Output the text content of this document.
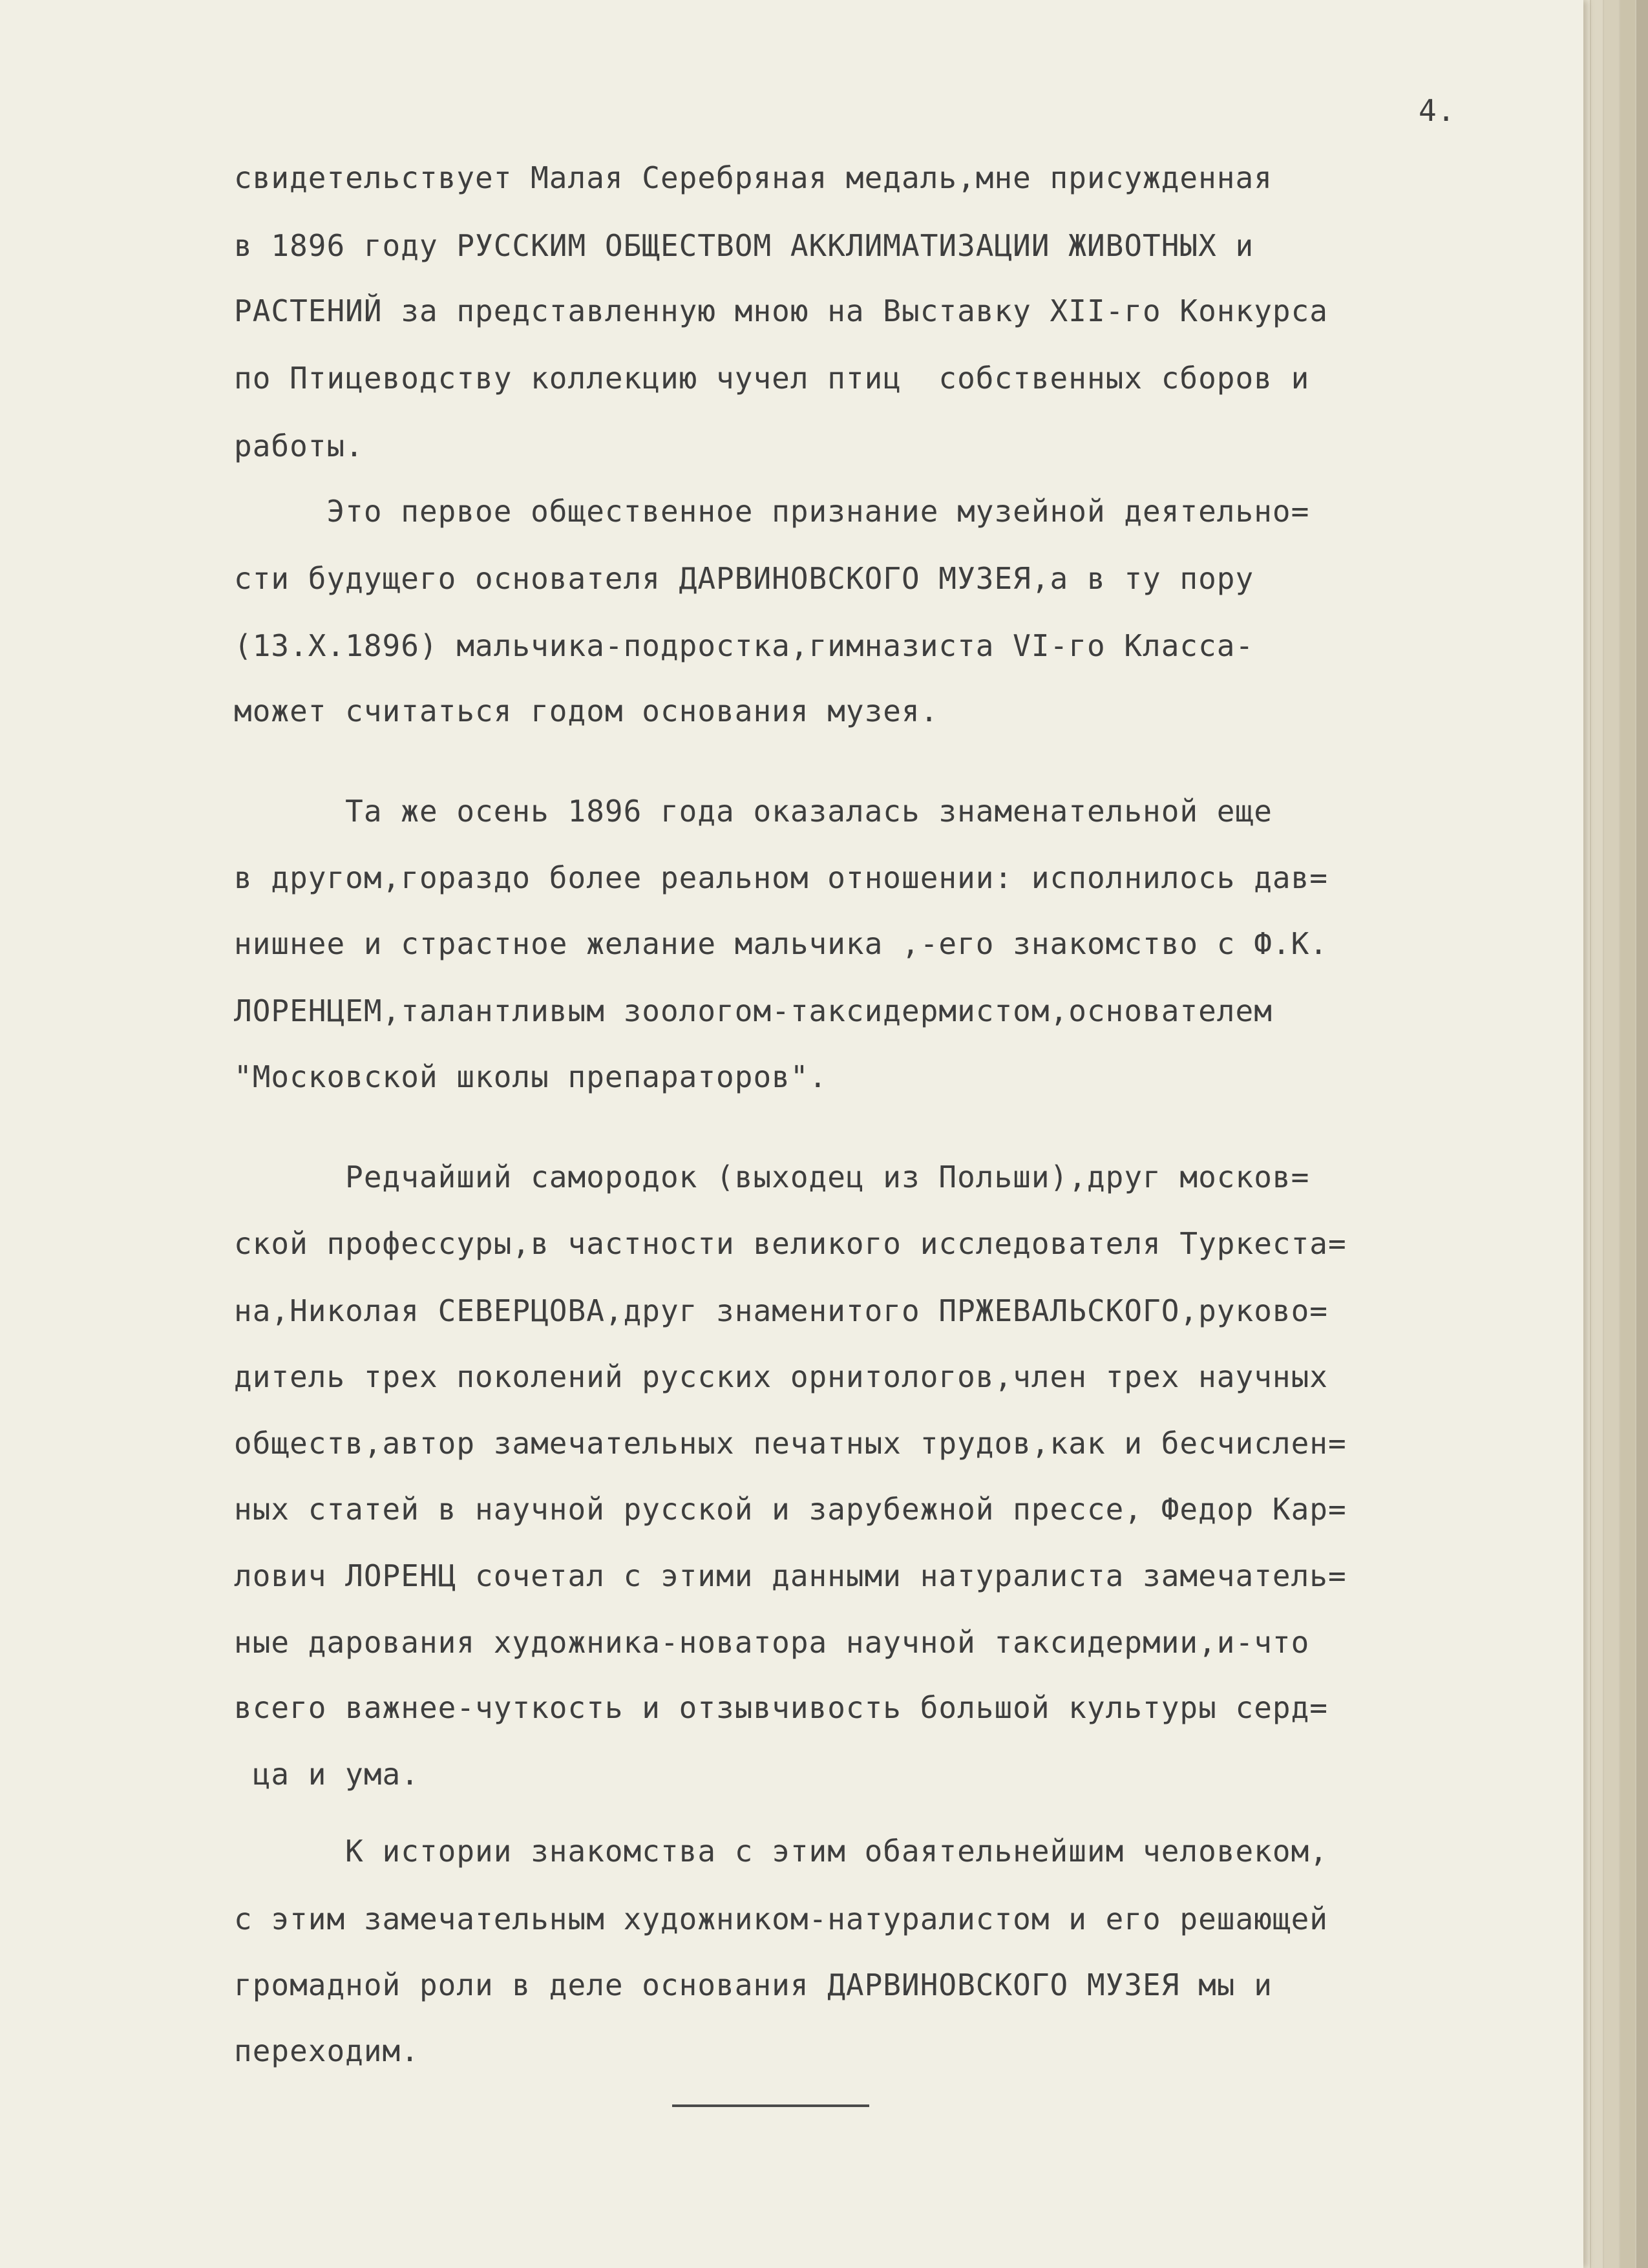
4.
свидетельствует Малая Серебряная медаль,мне присужденная
в 1896 году РУССКИМ ОБЩЕСТВОМ АККЛИМАТИЗАЦИИ ЖИВОТНЫХ и
РАСТЕНИЙ за представленную мною на Выставку XII-го Конкурса
по Птицеводству коллекцию чучел птиц  собственных сборов и
работы.
Это первое общественное признание музейной деятельно=
сти будущего основателя ДАРВИНОВСКОГО МУЗЕЯ,а в ту пору
(13.X.1896) мальчика-подростка,гимназиста VI-го Класса-
может считаться годом основания музея.
Та же осень 1896 года оказалась знаменательной еще
в другом,гораздо более реальном отношении: исполнилось дав=
нишнее и страстное желание мальчика ,-его знакомство с Ф.К.
ЛОРЕНЦЕМ,талантливым зоологом-таксидермистом,основателем
"Московской школы препараторов".
Редчайший самородок (выходец из Польши),друг москов=
ской профессуры,в частности великого исследователя Туркеста=
на,Николая СЕВЕРЦОВА,друг знаменитого ПРЖЕВАЛЬСКОГО,руково=
дитель трех поколений русских орнитологов,член трех научных
обществ,автор замечательных печатных трудов,как и бесчислен=
ных статей в научной русской и зарубежной прессе, Федор Кар=
лович ЛОРЕНЦ сочетал с этими данными натуралиста замечатель=
ные дарования художника-новатора научной таксидермии,и-что
всего важнее-чуткость и отзывчивость большой культуры серд=
ца и ума.
К истории знакомства с этим обаятельнейшим человеком,
с этим замечательным художником-натуралистом и его решающей
громадной роли в деле основания ДАРВИНОВСКОГО МУЗЕЯ мы и
переходим.
